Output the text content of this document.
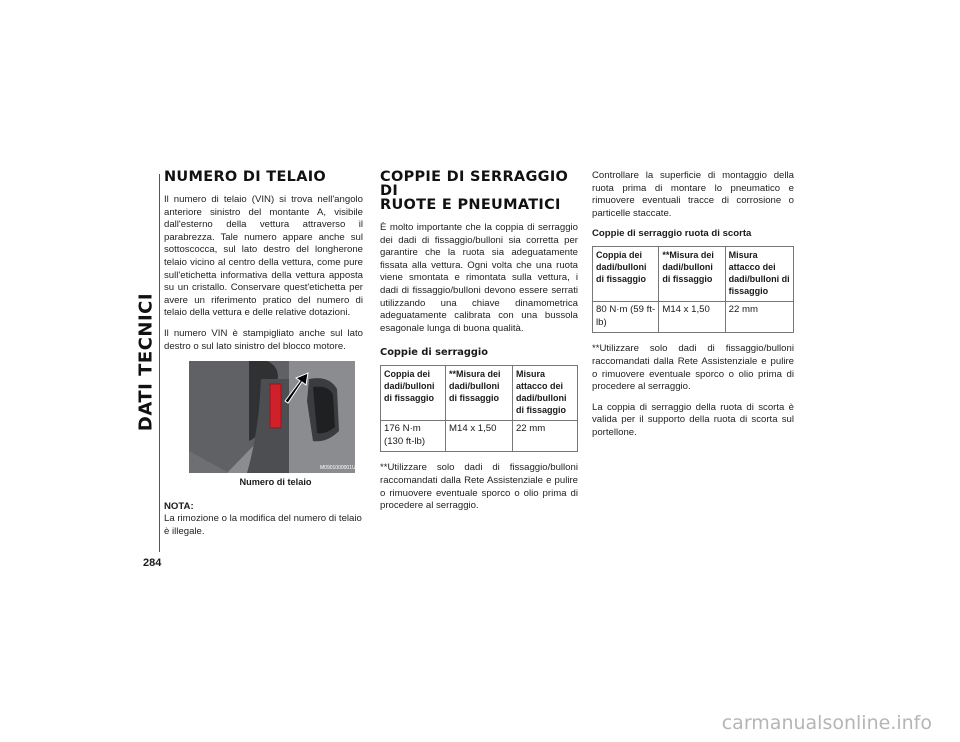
DATI TECNICI
284
NUMERO DI TELAIO

Il numero di telaio (VIN) si trova nell'angolo anteriore sinistro del montante A, visibile dall'esterno della vettura attraverso il parabrezza. Tale numero appare anche sul sottoscocca, sul lato destro del longherone telaio vicino al centro della vettura, come pure sull'etichetta informativa della vettura apposta su un cristallo. Conservare quest'etichetta per avere un riferimento pratico del numero di telaio della vettura e delle relative dotazioni.

Il numero VIN è stampigliato anche sul lato destro o sul lato sinistro del blocco motore.

M0901000001US
Numero di telaio
NOTA:

La rimozione o la modifica del numero di telaio è illegale.

COPPIE DI SERRAGGIO DI
RUOTE E PNEUMATICI

È molto importante che la coppia di serraggio dei dadi di fissaggio/bulloni sia corretta per garantire che la ruota sia adeguatamente fissata alla vettura. Ogni volta che una ruota viene smontata e rimontata sulla vettura, i dadi di fissaggio/bulloni devono essere serrati utilizzando una chiave dinamometrica adeguatamente calibrata con una bussola esagonale lunga di buona qualità.

Coppie di serraggio
Coppia dei dadi/bulloni di fissaggio	**Misura dei dadi/bulloni di fissaggio	Misura attacco dei dadi/bulloni di fissaggio
176 N·m (130 ft-lb)	M14 x 1,50	22 mm

**Utilizzare solo dadi di fissaggio/bulloni raccomandati dalla Rete Assistenziale e pulire o rimuovere eventuale sporco o olio prima di procedere al serraggio.

Controllare la superficie di montaggio della ruota prima di montare lo pneumatico e rimuovere eventuali tracce di corrosione o particelle staccate.

Coppie di serraggio ruota di scorta
Coppia dei dadi/bulloni di fissaggio	**Misura dei dadi/bulloni di fissaggio	Misura attacco dei dadi/bulloni di fissaggio
80 N·m (59 ft-lb)	M14 x 1,50	22 mm

**Utilizzare solo dadi di fissaggio/bulloni raccomandati dalla Rete Assistenziale e pulire o rimuovere eventuale sporco o olio prima di procedere al serraggio.

La coppia di serraggio della ruota di scorta è valida per il supporto della ruota di scorta sul portellone.

carmanualsonline.info
